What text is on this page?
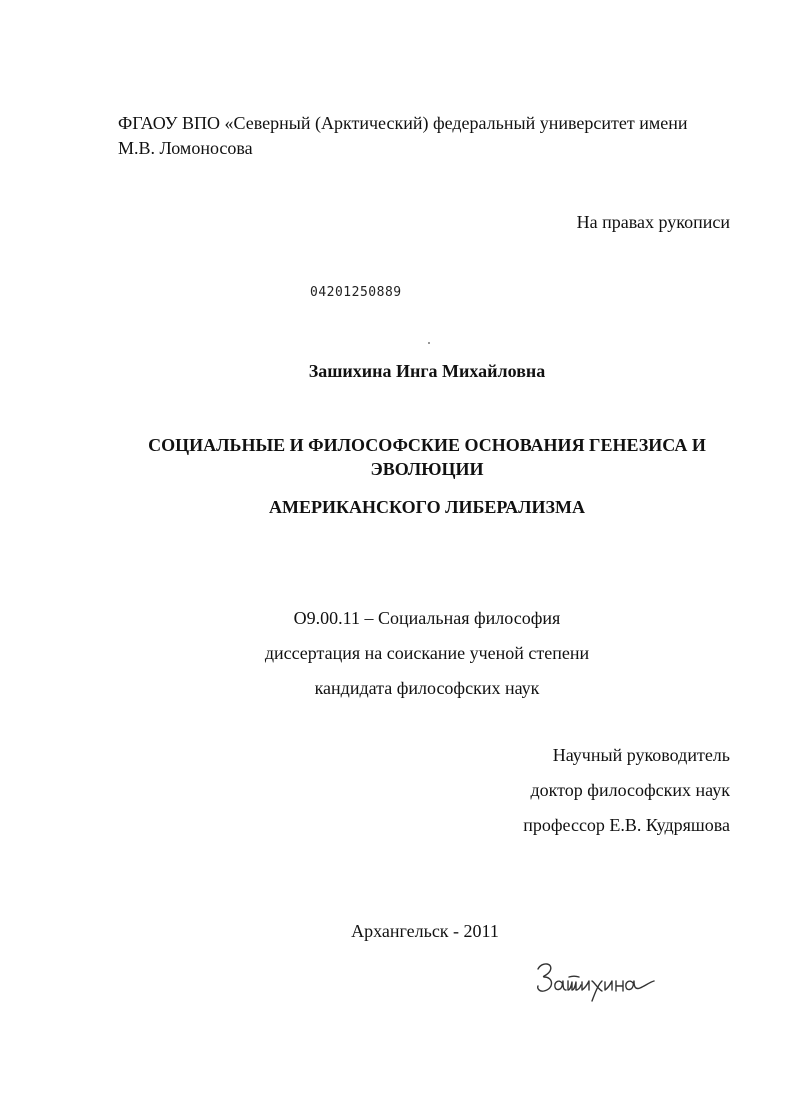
ФГАОУ ВПО «Северный (Арктический) федеральный университет имени
М.В. Ломоносова

На правах рукописи

04201250889

Зашихина Инга Михайловна

СОЦИАЛЬНЫЕ И ФИЛОСОФСКИЕ ОСНОВАНИЯ ГЕНЕЗИСА И
ЭВОЛЮЦИИ

АМЕРИКАНСКОГО ЛИБЕРАЛИЗМА

О9.00.11 – Социальная философия

диссертация на соискание ученой степени

кандидата философских наук

Научный руководитель

доктор философских наук

профессор Е.В. Кудряшова

Архангельск - 2011
